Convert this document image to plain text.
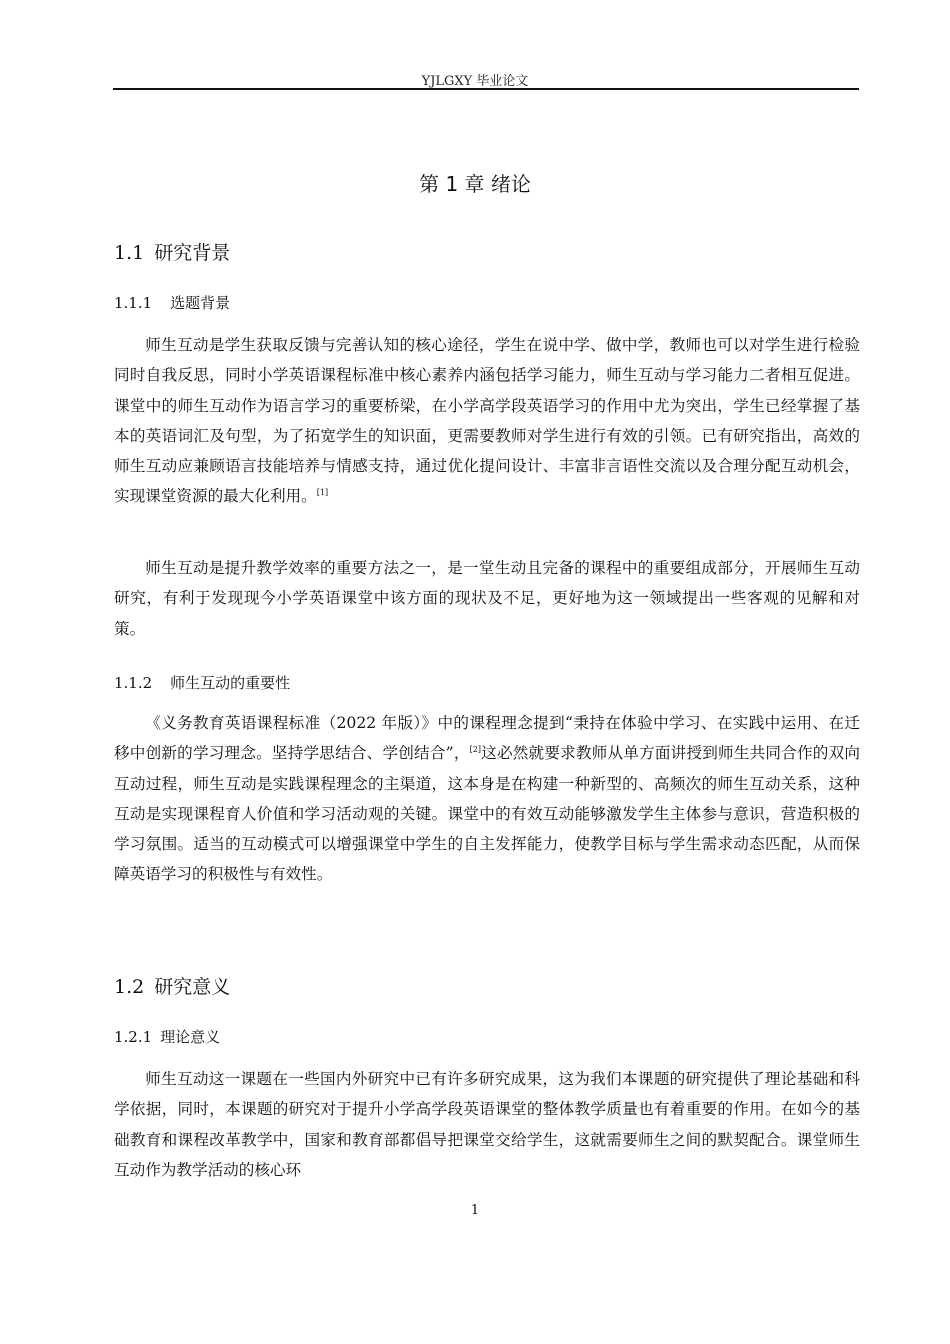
YJLGXY 毕业论文
第 1 章 绪论
1.1 研究背景
1.1.1 选题背景
师生互动是学生获取反馈与完善认知的核心途径，学生在说中学、做中学，教师也可以对学生进行检验同时自我反思，同时小学英语课程标准中核心素养内涵包括学习能力，师生互动与学习能力二者相互促进。课堂中的师生互动作为语言学习的重要桥梁，在小学高学段英语学习的作用中尤为突出，学生已经掌握了基本的英语词汇及句型，为了拓宽学生的知识面，更需要教师对学生进行有效的引领。已有研究指出，高效的师生互动应兼顾语言技能培养与情感支持，通过优化提问设计、丰富非言语性交流以及合理分配互动机会，实现课堂资源的最大化利用。[1]
师生互动是提升教学效率的重要方法之一，是一堂生动且完备的课程中的重要组成部分，开展师生互动研究，有利于发现现今小学英语课堂中该方面的现状及不足，更好地为这一领域提出一些客观的见解和对策。
1.1.2 师生互动的重要性
《义务教育英语课程标准（2022 年版）》中的课程理念提到“秉持在体验中学习、在实践中运用、在迁移中创新的学习理念。坚持学思结合、学创结合”，[2]这必然就要求教师从单方面讲授到师生共同合作的双向互动过程，师生互动是实践课程理念的主渠道，这本身是在构建一种新型的、高频次的师生互动关系，这种互动是实现课程育人价值和学习活动观的关键。课堂中的有效互动能够激发学生主体参与意识，营造积极的学习氛围。适当的互动模式可以增强课堂中学生的自主发挥能力，使教学目标与学生需求动态匹配，从而保障英语学习的积极性与有效性。
1.2 研究意义
1.2.1 理论意义
师生互动这一课题在一些国内外研究中已有许多研究成果，这为我们本课题的研究提供了理论基础和科学依据，同时，本课题的研究对于提升小学高学段英语课堂的整体教学质量也有着重要的作用。在如今的基础教育和课程改革教学中，国家和教育部都倡导把课堂交给学生，这就需要师生之间的默契配合。课堂师生互动作为教学活动的核心环
1
